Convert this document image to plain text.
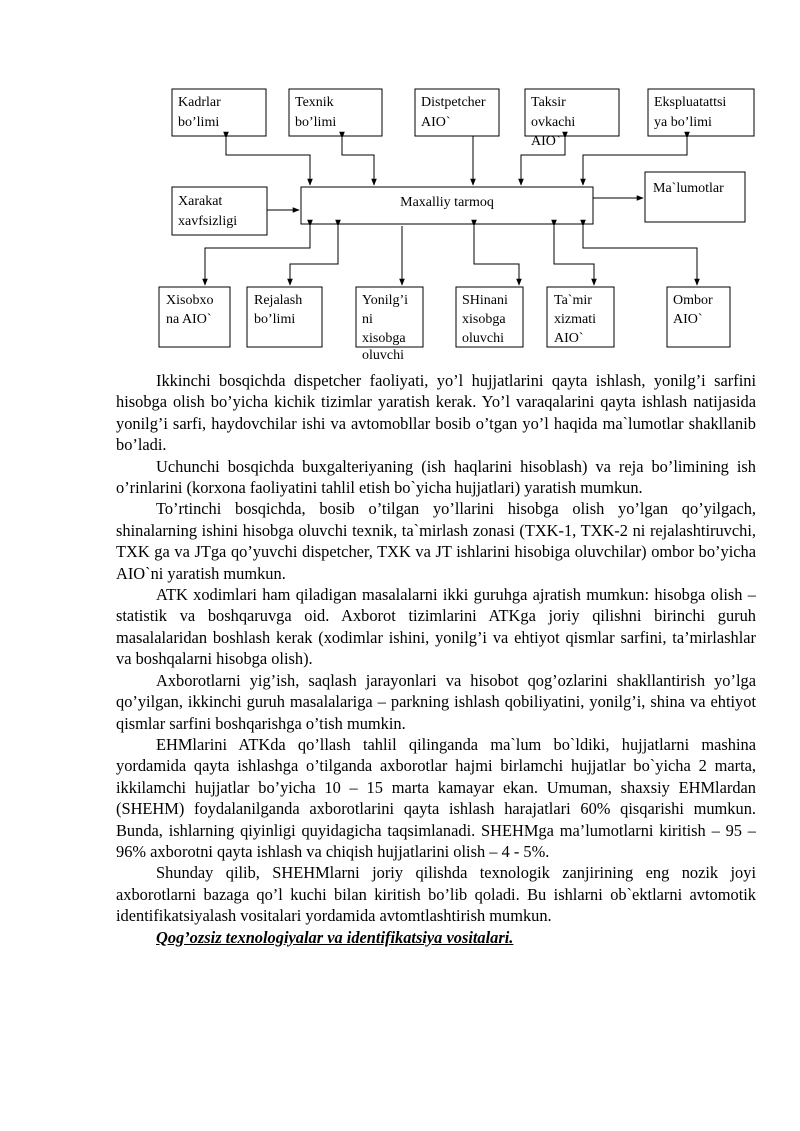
Kadrlar
bo’limi
Texnik
bo’limi
Distpetcher
AIO`
Taksir
ovkachi
AIO`
Ekspluatattsi
ya bo’limi
Xarakat
xavfsizligi
Maxalliy tarmoq
Ma`lumotlar
Xisobxo
na AIO`
Rejalash
bo’limi
Yonilg’i
ni
xisobga
oluvchi
SHinani
xisobga
oluvchi
Ta`mir
xizmati
AIO`
Ombor
AIO`

Ikkinchi bosqichda dispetcher faoliyati, yo’l hujjatlarini qayta ishlash, yonilg’i sarfini hisobga olish bo’yicha kichik tizimlar yaratish kerak. Yo’l varaqalarini qayta ishlash natijasida yonilg’i sarfi, haydovchilar ishi va avtomobllar bosib o’tgan yo’l haqida ma`lumotlar shakllanib bo’ladi.

Uchunchi bosqichda buxgalteriyaning (ish haqlarini hisoblash) va reja bo’limining ish o’rinlarini (korxona faoliyatini tahlil etish bo`yicha hujjatlari) yaratish mumkun.

To’rtinchi bosqichda, bosib o’tilgan yo’llarini hisobga olish yo’lgan qo’yilgach, shinalarning ishini hisobga oluvchi texnik, ta`mirlash zonasi (TXK-1, TXK-2 ni rejalashtiruvchi, TXK ga va JTga qo’yuvchi dispetcher, TXK va JT ishlarini hisobiga oluvchilar) ombor bo’yicha AIO`ni yaratish mumkun.

ATK xodimlari ham qiladigan masalalarni ikki guruhga ajratish mumkun: hisobga olish – statistik va boshqaruvga oid. Axborot tizimlarini ATKga joriy qilishni birinchi guruh masalalaridan boshlash kerak (xodimlar ishini, yonilg’i va ehtiyot qismlar sarfini, ta’mirlashlar va boshqalarni hisobga olish).

Axborotlarni yig’ish, saqlash jarayonlari va hisobot qog’ozlarini shakllantirish yo’lga qo’yilgan, ikkinchi guruh masalalariga – parkning ishlash qobiliyatini, yonilg’i, shina va ehtiyot qismlar sarfini boshqarishga o’tish mumkin.

EHMlarini ATKda qo’llash tahlil qilinganda ma`lum bo`ldiki, hujjatlarni mashina yordamida qayta ishlashga o’tilganda axborotlar hajmi birlamchi hujjatlar bo`yicha 2 marta, ikkilamchi hujjatlar bo’yicha 10 – 15 marta kamayar ekan. Umuman, shaxsiy EHMlardan (SHEHM) foydalanilganda axborotlarini qayta ishlash harajatlari 60% qisqarishi mumkun. Bunda, ishlarning qiyinligi quyidagicha taqsimlanadi. SHEHMga ma’lumotlarni kiritish – 95 – 96% axborotni qayta ishlash va chiqish hujjatlarini olish – 4 - 5%.

Shunday qilib, SHEHMlarni joriy qilishda texnologik zanjirining eng nozik joyi axborotlarni bazaga qo’l kuchi bilan kiritish bo’lib qoladi. Bu ishlarni ob`ektlarni avtomotik identifikatsiyalash vositalari yordamida avtomtlashtirish mumkun.

Qog’ozsiz texnologiyalar va identifikatsiya vositalari.
